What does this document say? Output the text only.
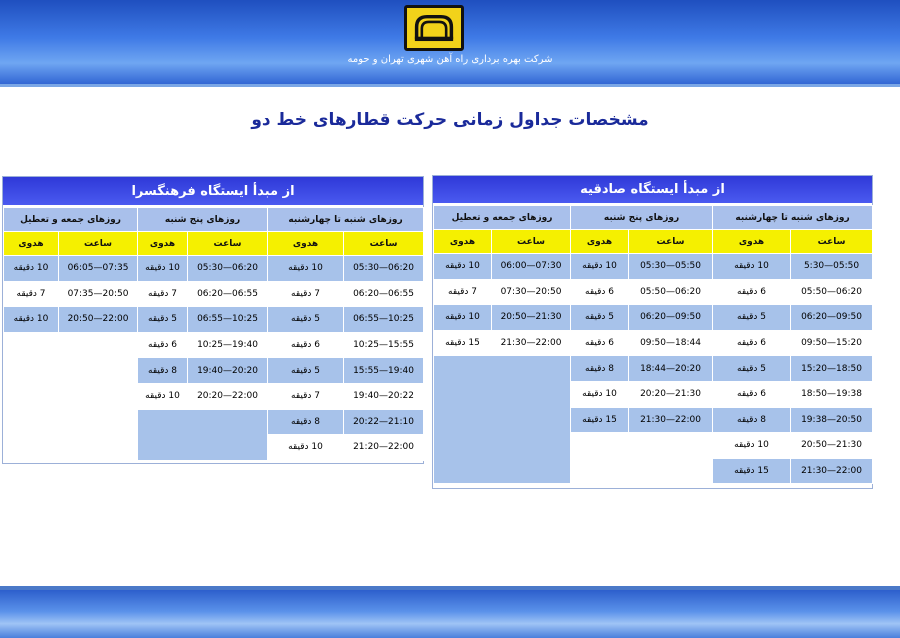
شرکت بهره برداری راه آهن شهری تهران و حومه
مشخصات جداول زمانی حرکت قطارهای خط دو
از مبدأ ایستگاه صادقیه
روزهای جمعه و تعطیل		روزهای پنج شنبه		روزهای شنبه تا چهارشنبه	
هدوی	ساعت	هدوی	ساعت	هدوی	ساعت
10 دقیقه	06:00—07:30	10 دقیقه	05:30—05:50	10 دقیقه	5:30—05:50
7 دقیقه	07:30—20:50	6 دقیقه	05:50—06:20	6 دقیقه	05:50—06:20
10 دقیقه	20:50—21:30	5 دقیقه	06:20—09:50	5 دقیقه	06:20—09:50
15 دقیقه	21:30—22:00	6 دقیقه	09:50—18:44	6 دقیقه	09:50—15:20
		8 دقیقه	18:44—20:20	5 دقیقه	15:20—18:50
		10 دقیقه	20:20—21:30	6 دقیقه	18:50—19:38
		15 دقیقه	21:30—22:00	8 دقیقه	19:38—20:50
				10 دقیقه	20:50—21:30
				15 دقیقه	21:30—22:00
از مبدأ ایستگاه فرهنگسرا
روزهای جمعه و تعطیل		روزهای پنج شنبه		روزهای شنبه تا چهارشنبه	
هدوی	ساعت	هدوی	ساعت	هدوی	ساعت
10 دقیقه	06:05—07:35	10 دقیقه	05:30—06:20	10 دقیقه	05:30—06:20
7 دقیقه	07:35—20:50	7 دقیقه	06:20—06:55	7 دقیقه	06:20—06:55
10 دقیقه	20:50—22:00	5 دقیقه	06:55—10:25	5 دقیقه	06:55—10:25
		6 دقیقه	10:25—19:40	6 دقیقه	10:25—15:55
		8 دقیقه	19:40—20:20	5 دقیقه	15:55—19:40
		10 دقیقه	20:20—22:00	7 دقیقه	19:40—20:22
				8 دقیقه	20:22—21:10
				10 دقیقه	21:20—22:00
